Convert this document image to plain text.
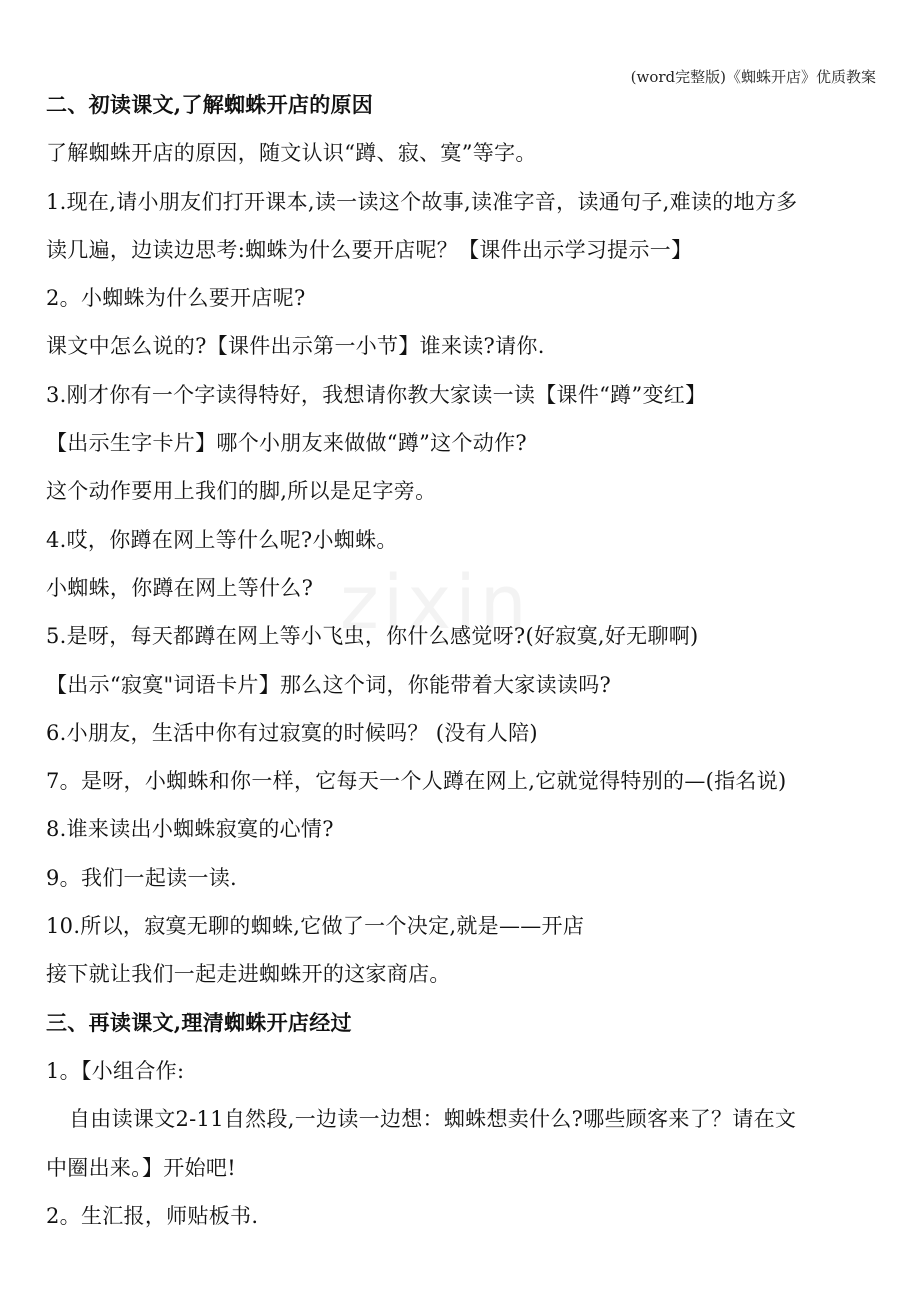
(word完整版)《蜘蛛开店》优质教案
zixin
二、初读课文,了解蜘蛛开店的原因
了解蜘蛛开店的原因，随文认识“蹲、寂、寞”等字。
1.现在,请小朋友们打开课本,读一读这个故事,读准字音，读通句子,难读的地方多
读几遍，边读边思考:蜘蛛为什么要开店呢？【课件出示学习提示一】
2。小蜘蛛为什么要开店呢?
课文中怎么说的?【课件出示第一小节】谁来读?请你.
3.刚才你有一个字读得特好，我想请你教大家读一读【课件“蹲”变红】
【出示生字卡片】哪个小朋友来做做“蹲”这个动作?
这个动作要用上我们的脚,所以是足字旁。
4.哎，你蹲在网上等什么呢?小蜘蛛。
小蜘蛛，你蹲在网上等什么?
5.是呀，每天都蹲在网上等小飞虫，你什么感觉呀?(好寂寞,好无聊啊)
【出示“寂寞"词语卡片】那么这个词，你能带着大家读读吗?
6.小朋友，生活中你有过寂寞的时候吗？ (没有人陪)
7。是呀，小蜘蛛和你一样，它每天一个人蹲在网上,它就觉得特别的—(指名说)
8.谁来读出小蜘蛛寂寞的心情?
9。我们一起读一读.
10.所以，寂寞无聊的蜘蛛,它做了一个决定,就是——开店
接下就让我们一起走进蜘蛛开的这家商店。
三、再读课文,理清蜘蛛开店经过
1。【小组合作:
自由读课文2-11自然段,一边读一边想：蜘蛛想卖什么?哪些顾客来了？请在文
中圈出来。】开始吧!
2。生汇报，师贴板书.
